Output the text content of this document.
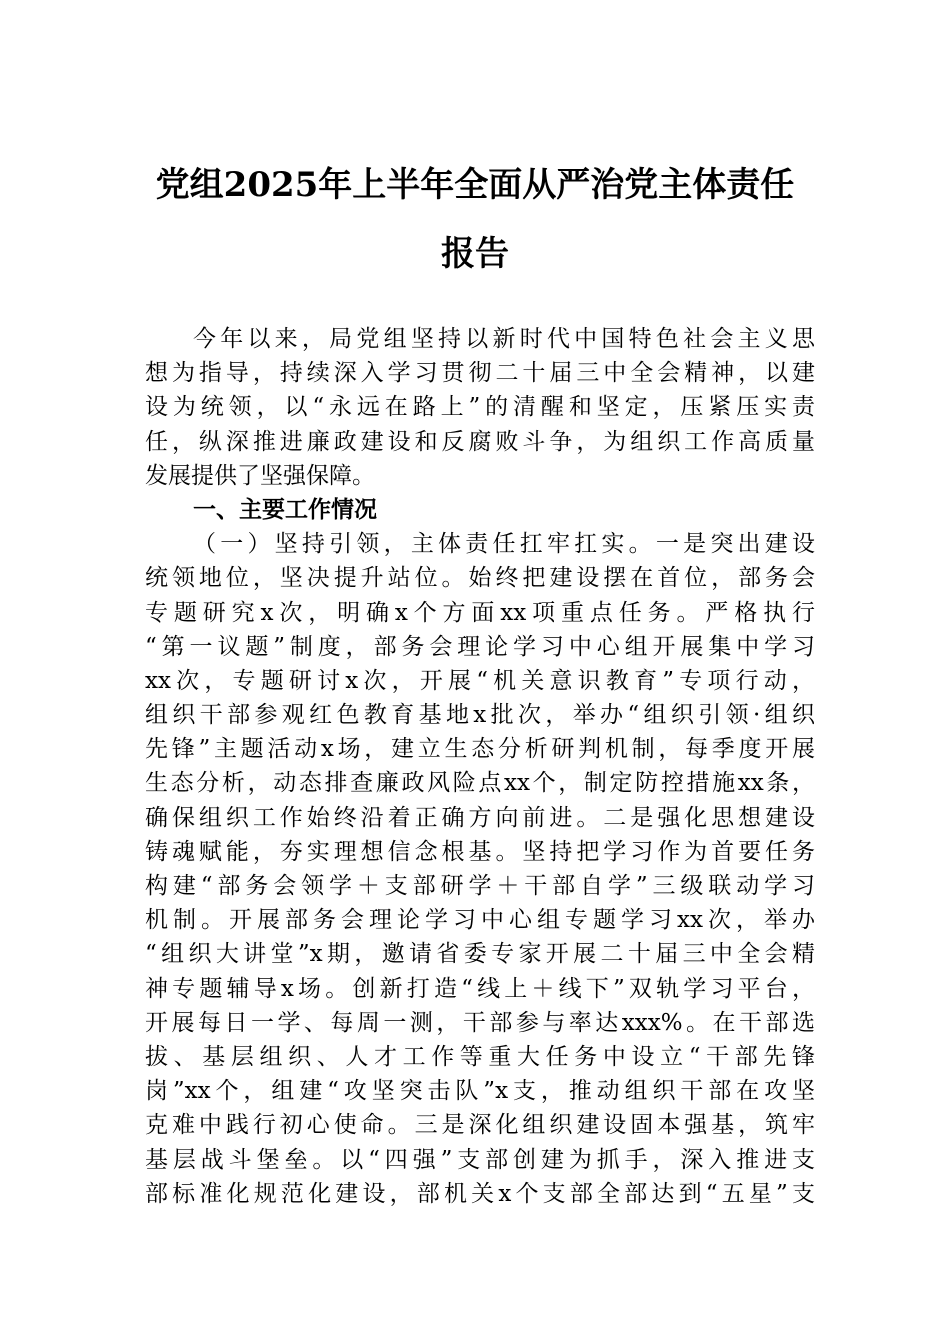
党组2025年上半年全面从严治党主体责任
报告
今年以来，局党组坚持以新时代中国特色社会主义思
想为指导，持续深入学习贯彻二十届三中全会精神，以建
设为统领，以“永远在路上”的清醒和坚定，压紧压实责
任，纵深推进廉政建设和反腐败斗争，为组织工作高质量
发展提供了坚强保障。
一、主要工作情况
（一）坚持引领，主体责任扛牢扛实。一是突出建设
统领地位，坚决提升站位。始终把建设摆在首位，部务会
专题研究x次，明确x个方面xx项重点任务。严格执行
“第一议题”制度，部务会理论学习中心组开展集中学习
xx次，专题研讨x次，开展“机关意识教育”专项行动，
组织干部参观红色教育基地x批次，举办“组织引领·组织
先锋”主题活动x场，建立生态分析研判机制，每季度开展
生态分析，动态排查廉政风险点xx个，制定防控措施xx条，
确保组织工作始终沿着正确方向前进。二是强化思想建设
铸魂赋能，夯实理想信念根基。坚持把学习作为首要任务
构建“部务会领学＋支部研学＋干部自学”三级联动学习
机制。开展部务会理论学习中心组专题学习xx次，举办
“组织大讲堂”x期，邀请省委专家开展二十届三中全会精
神专题辅导x场。创新打造“线上＋线下”双轨学习平台，
开展每日一学、每周一测，干部参与率达xxx%。在干部选
拔、基层组织、人才工作等重大任务中设立“干部先锋
岗”xx个，组建“攻坚突击队”x支，推动组织干部在攻坚
克难中践行初心使命。三是深化组织建设固本强基，筑牢
基层战斗堡垒。以“四强”支部创建为抓手，深入推进支
部标准化规范化建设，部机关x个支部全部达到“五星”支
